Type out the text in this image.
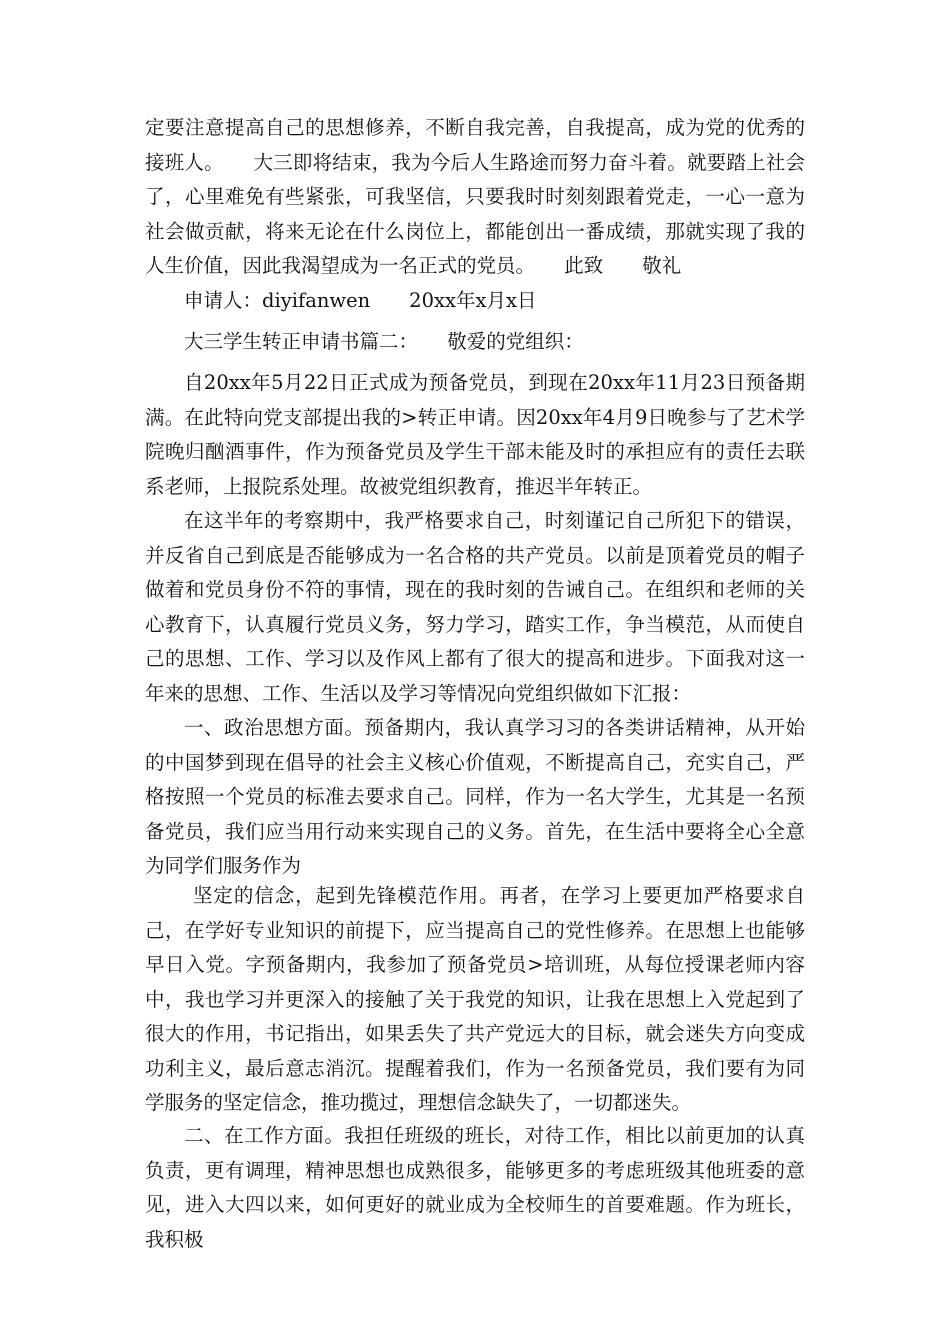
定要注意提高自己的思想修养，不断自我完善，自我提高，成为党的优秀的接班人。　　大三即将结束，我为今后人生路途而努力奋斗着。就要踏上社会了，心里难免有些紧张，可我坚信，只要我时时刻刻跟着党走，一心一意为社会做贡献，将来无论在什么岗位上，都能创出一番成绩，那就实现了我的人生价值，因此我渴望成为一名正式的党员。　　此致　　敬礼

申请人：diyifanwen　　20xx年x月x日

大三学生转正申请书篇二：　　敬爱的党组织：

自20xx年5月22日正式成为预备党员，到现在20xx年11月23日预备期满。在此特向党支部提出我的>转正申请。因20xx年4月9日晚参与了艺术学院晚归酗酒事件，作为预备党员及学生干部未能及时的承担应有的责任去联系老师，上报院系处理。故被党组织教育，推迟半年转正。

在这半年的考察期中，我严格要求自己，时刻谨记自己所犯下的错误，并反省自己到底是否能够成为一名合格的共产党员。以前是顶着党员的帽子做着和党员身份不符的事情，现在的我时刻的告诫自己。在组织和老师的关心教育下，认真履行党员义务，努力学习，踏实工作，争当模范，从而使自己的思想、工作、学习以及作风上都有了很大的提高和进步。下面我对这一年来的思想、工作、生活以及学习等情况向党组织做如下汇报：

一、政治思想方面。预备期内，我认真学习习的各类讲话精神，从开始的中国梦到现在倡导的社会主义核心价值观，不断提高自己，充实自己，严格按照一个党员的标准去要求自己。同样，作为一名大学生，尤其是一名预备党员，我们应当用行动来实现自己的义务。首先，在生活中要将全心全意为同学们服务作为

坚定的信念，起到先锋模范作用。再者，在学习上要更加严格要求自己，在学好专业知识的前提下，应当提高自己的党性修养。在思想上也能够早日入党。字预备期内，我参加了预备党员>培训班，从每位授课老师内容中，我也学习并更深入的接触了关于我党的知识，让我在思想上入党起到了很大的作用，书记指出，如果丢失了共产党远大的目标，就会迷失方向变成功利主义，最后意志消沉。提醒着我们，作为一名预备党员，我们要有为同学服务的坚定信念，推功揽过，理想信念缺失了，一切都迷失。

二、在工作方面。我担任班级的班长，对待工作，相比以前更加的认真负责，更有调理，精神思想也成熟很多，能够更多的考虑班级其他班委的意见，进入大四以来，如何更好的就业成为全校师生的首要难题。作为班长，我积极
